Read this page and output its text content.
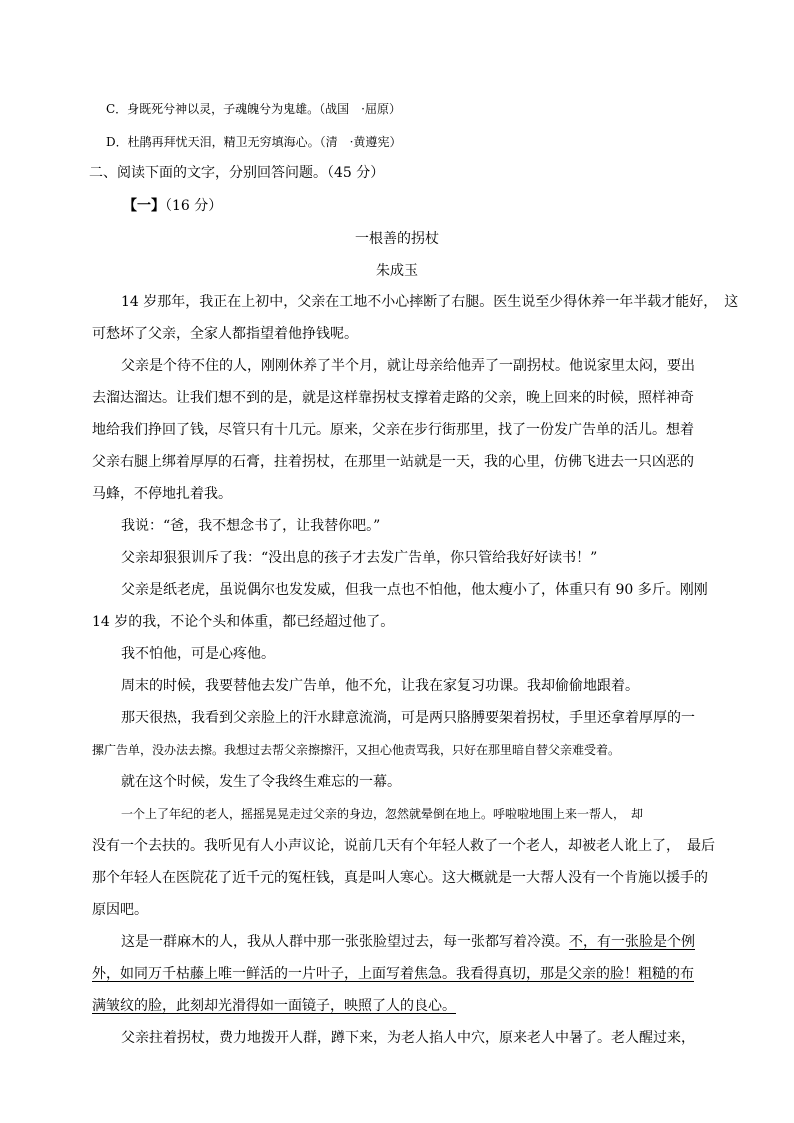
C．身既死兮神以灵，子魂魄兮为鬼雄。（战国　·屈原）
D．杜鹃再拜忧天泪，精卫无穷填海心。（清　·黄遵宪）
二、阅读下面的文字，分别回答问题。（45 分）
【一】（16 分）
一根善的拐杖
朱成玉
14 岁那年，我正在上初中，父亲在工地不小心摔断了右腿。医生说至少得休养一年半载才能好，　这
可愁坏了父亲，全家人都指望着他挣钱呢。
父亲是个待不住的人，刚刚休养了半个月，就让母亲给他弄了一副拐杖。他说家里太闷，要出
去溜达溜达。让我们想不到的是，就是这样靠拐杖支撑着走路的父亲，晚上回来的时候，照样神奇
地给我们挣回了钱，尽管只有十几元。原来，父亲在步行街那里，找了一份发广告单的活儿。想着
父亲右腿上绑着厚厚的石膏，拄着拐杖，在那里一站就是一天，我的心里，仿佛飞进去一只凶恶的
马蜂，不停地扎着我。
我说：“爸，我不想念书了，让我替你吧。”
父亲却狠狠训斥了我：“没出息的孩子才去发广告单，你只管给我好好读书！”
父亲是纸老虎，虽说偶尔也发发威，但我一点也不怕他，他太瘦小了，体重只有 90 多斤。刚刚
14 岁的我，不论个头和体重，都已经超过他了。
我不怕他，可是心疼他。
周末的时候，我要替他去发广告单，他不允，让我在家复习功课。我却偷偷地跟着。
那天很热，我看到父亲脸上的汗水肆意流淌，可是两只胳膊要架着拐杖，手里还拿着厚厚的一
摞广告单，没办法去擦。我想过去帮父亲擦擦汗，又担心他责骂我，只好在那里暗自替父亲难受着。
就在这个时候，发生了令我终生难忘的一幕。
一个上了年纪的老人，摇摇晃晃走过父亲的身边，忽然就晕倒在地上。呼啦啦地围上来一帮人，　却
没有一个去扶的。我听见有人小声议论，说前几天有个年轻人救了一个老人，却被老人讹上了，　最后
那个年轻人在医院花了近千元的冤枉钱，真是叫人寒心。这大概就是一大帮人没有一个肯施以援手的
原因吧。
这是一群麻木的人，我从人群中那一张张脸望过去，每一张都写着冷漠。不，有一张脸是个例
外，如同万千枯藤上唯一鲜活的一片叶子，上面写着焦急。我看得真切，那是父亲的脸！粗糙的布
满皱纹的脸，此刻却光滑得如一面镜子，映照了人的良心。
父亲拄着拐杖，费力地拨开人群，蹲下来，为老人掐人中穴，原来老人中暑了。老人醒过来，
